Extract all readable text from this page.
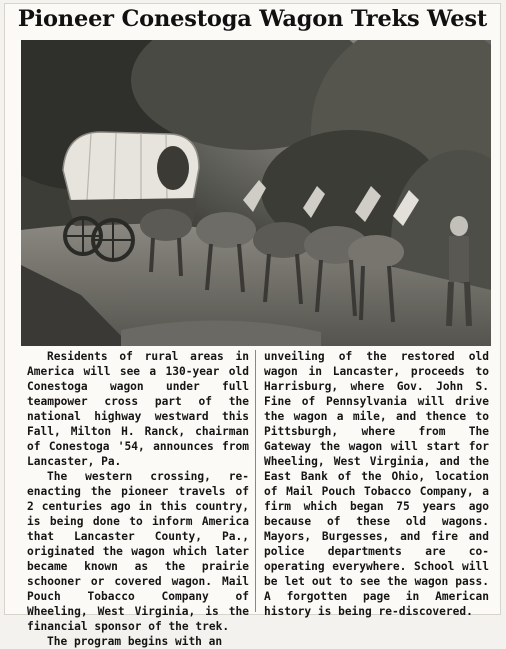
Pioneer Conestoga Wagon Treks West

Residents of rural areas in America will see a 130-year old Conestoga wagon under full teampower cross part of the national highway westward this Fall, Milton H. Ranck, chairman of Conestoga '54, announces from Lancaster, Pa.

The western crossing, re-enacting the pioneer travels of 2 centuries ago in this country, is being done to inform America that Lancaster County, Pa., originated the wagon which later became known as the prairie schooner or covered wagon. Mail Pouch Tobacco Company of Wheeling, West Virginia, is the financial sponsor of the trek.

The program begins with an

unveiling of the restored old wagon in Lancaster, proceeds to Harrisburg, where Gov. John S. Fine of Pennsylvania will drive the wagon a mile, and thence to Pittsburgh, where from The Gateway the wagon will start for Wheeling, West Virginia, and the East Bank of the Ohio, location of Mail Pouch Tobacco Company, a firm which began 75 years ago because of these old wagons. Mayors, Burgesses, and fire and police departments are co-operating everywhere. School will be let out to see the wagon pass. A forgotten page in American history is being re-discovered.
